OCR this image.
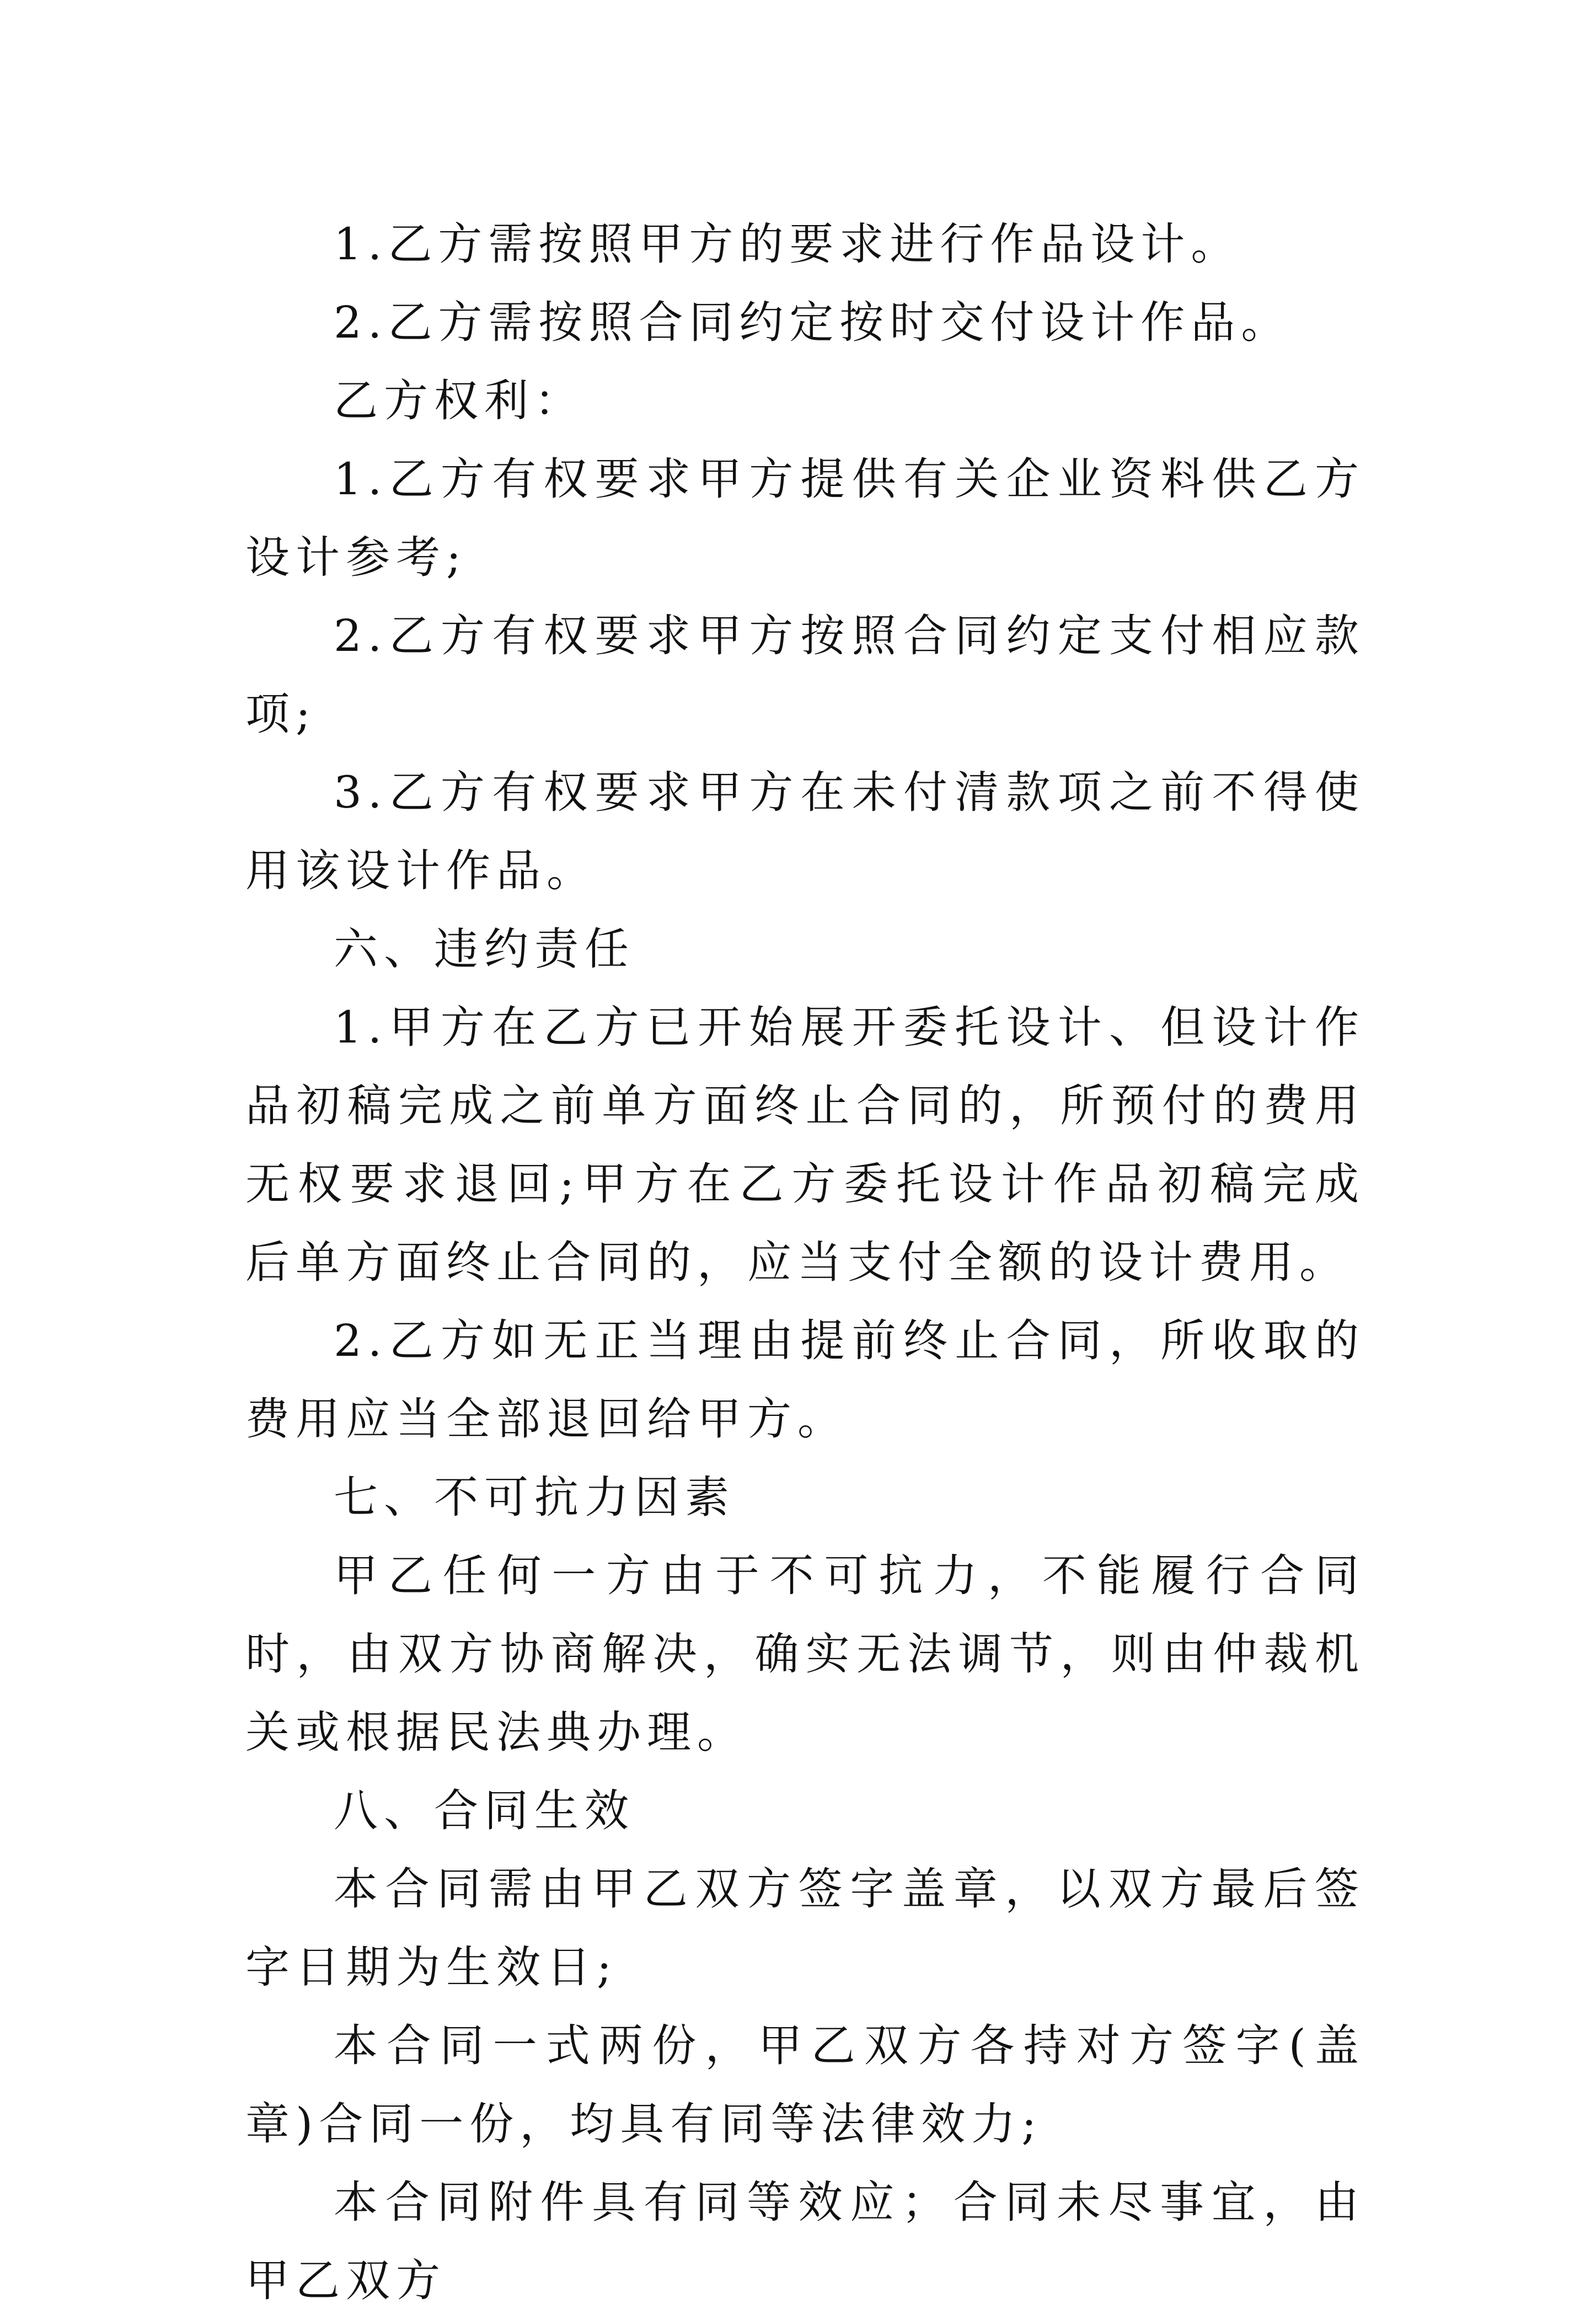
1.乙方需按照甲方的要求进行作品设计。

2.乙方需按照合同约定按时交付设计作品。

乙方权利：

1.乙方有权要求甲方提供有关企业资料供乙方设计参考;

2.乙方有权要求甲方按照合同约定支付相应款项;

3.乙方有权要求甲方在未付清款项之前不得使用该设计作品。

六、违约责任

1.甲方在乙方已开始展开委托设计、但设计作品初稿完成之前单方面终止合同的，所预付的费用无权要求退回;甲方在乙方委托设计作品初稿完成后单方面终止合同的，应当支付全额的设计费用。

2.乙方如无正当理由提前终止合同，所收取的费用应当全部退回给甲方。

七、不可抗力因素

甲乙任何一方由于不可抗力，不能履行合同时，由双方协商解决，确实无法调节，则由仲裁机关或根据民法典办理。

八、合同生效

本合同需由甲乙双方签字盖章，以双方最后签字日期为生效日;

本合同一式两份，甲乙双方各持对方签字(盖章)合同一份，均具有同等法律效力;

本合同附件具有同等效应；合同未尽事宜，由甲乙双方
